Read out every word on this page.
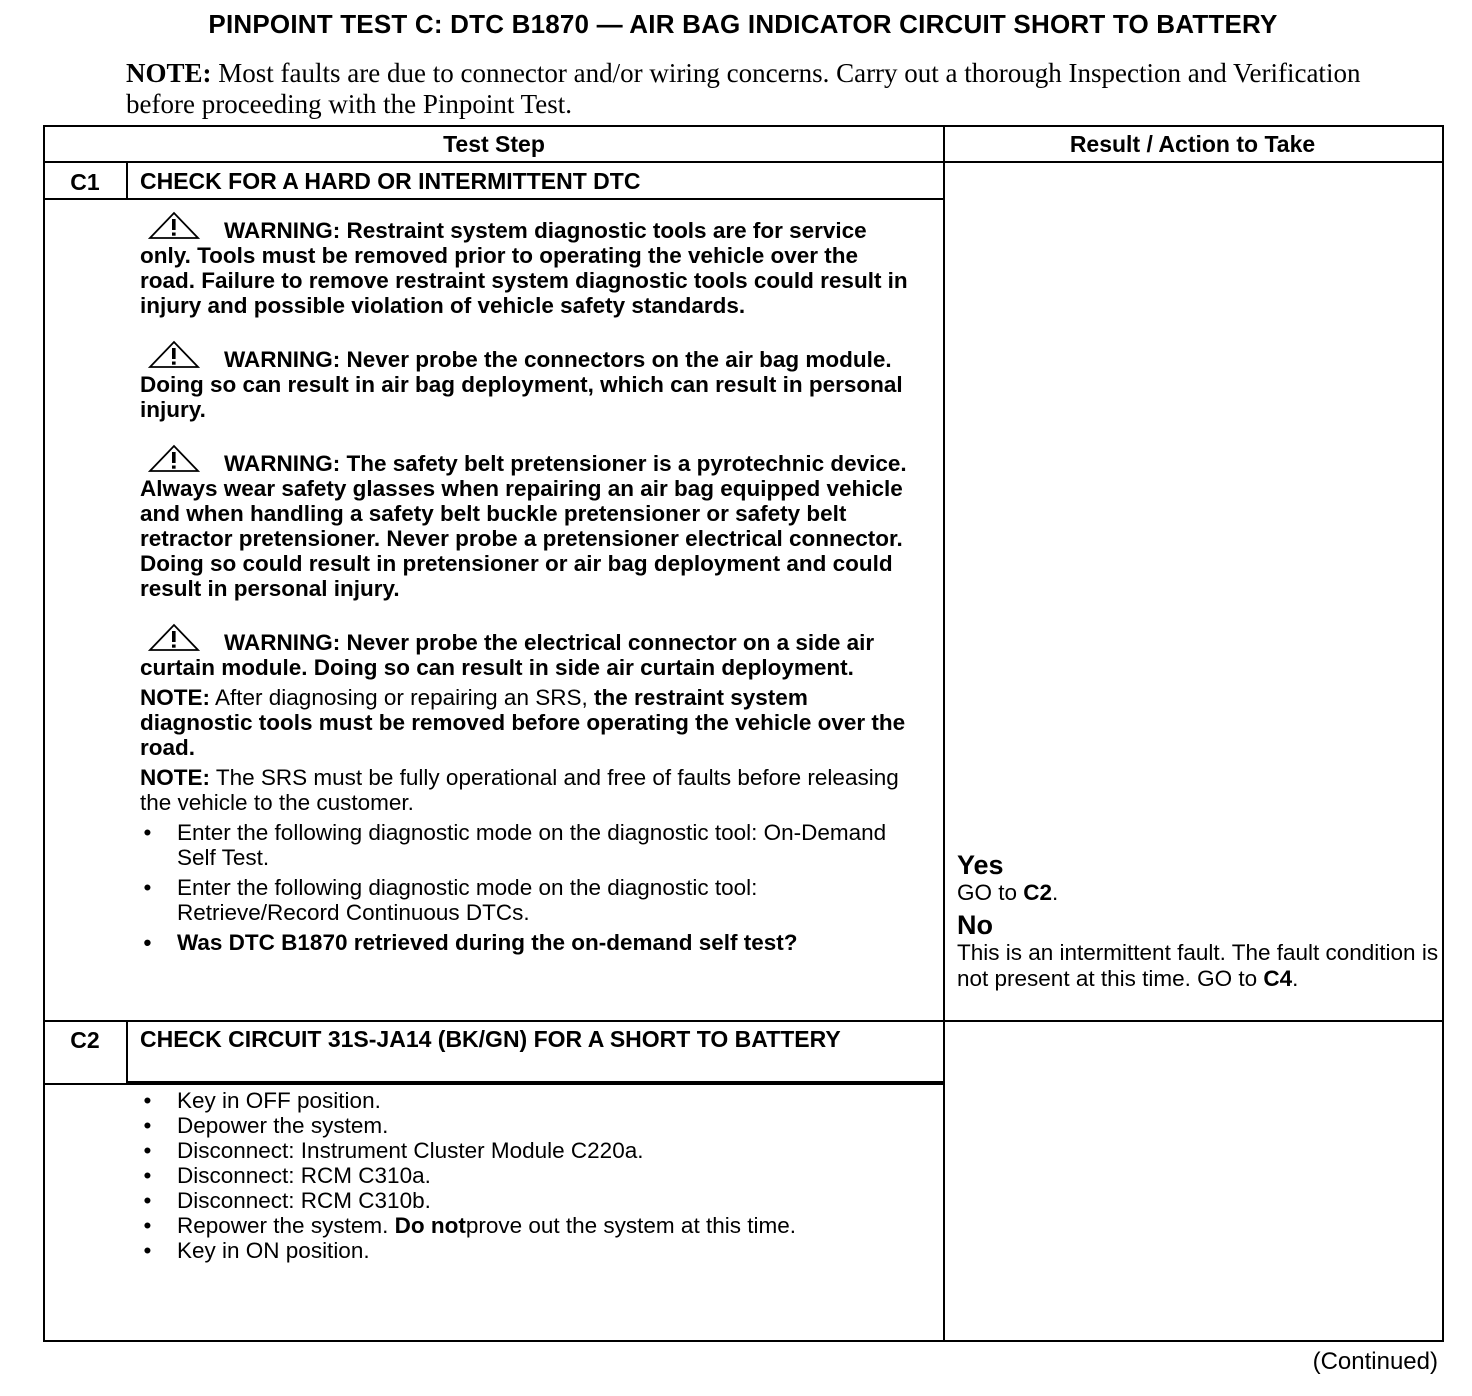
PINPOINT TEST C: DTC B1870 — AIR BAG INDICATOR CIRCUIT SHORT TO BATTERY
NOTE: Most faults are due to connector and/or wiring concerns. Carry out a thorough Inspection and Verification before proceeding with the Pinpoint Test.
Test Step	Result / Action to Take
C1	CHECK FOR A HARD OR INTERMITTENT DTC
WARNING: Restraint system diagnostic tools are for service only. Tools must be removed prior to operating the vehicle over the road. Failure to remove restraint system diagnostic tools could result in injury and possible violation of vehicle safety standards.
WARNING: Never probe the connectors on the air bag module. Doing so can result in air bag deployment, which can result in personal injury.
WARNING: The safety belt pretensioner is a pyrotechnic device. Always wear safety glasses when repairing an air bag equipped vehicle and when handling a safety belt buckle pretensioner or safety belt retractor pretensioner. Never probe a pretensioner electrical connector. Doing so could result in pretensioner or air bag deployment and could result in personal injury.
WARNING: Never probe the electrical connector on a side air curtain module. Doing so can result in side air curtain deployment.
NOTE: After diagnosing or repairing an SRS, the restraint system diagnostic tools must be removed before operating the vehicle over the road.
NOTE: The SRS must be fully operational and free of faults before releasing the vehicle to the customer.
• Enter the following diagnostic mode on the diagnostic tool: On-Demand Self Test.
• Enter the following diagnostic mode on the diagnostic tool: Retrieve/Record Continuous DTCs.
• Was DTC B1870 retrieved during the on-demand self test?
Yes
GO to C2.
No
This is an intermittent fault. The fault condition is not present at this time. GO to C4.
C2	CHECK CIRCUIT 31S-JA14 (BK/GN) FOR A SHORT TO BATTERY
• Key in OFF position.
• Depower the system.
• Disconnect: Instrument Cluster Module C220a.
• Disconnect: RCM C310a.
• Disconnect: RCM C310b.
• Repower the system. Do notprove out the system at this time.
• Key in ON position.
(Continued)
